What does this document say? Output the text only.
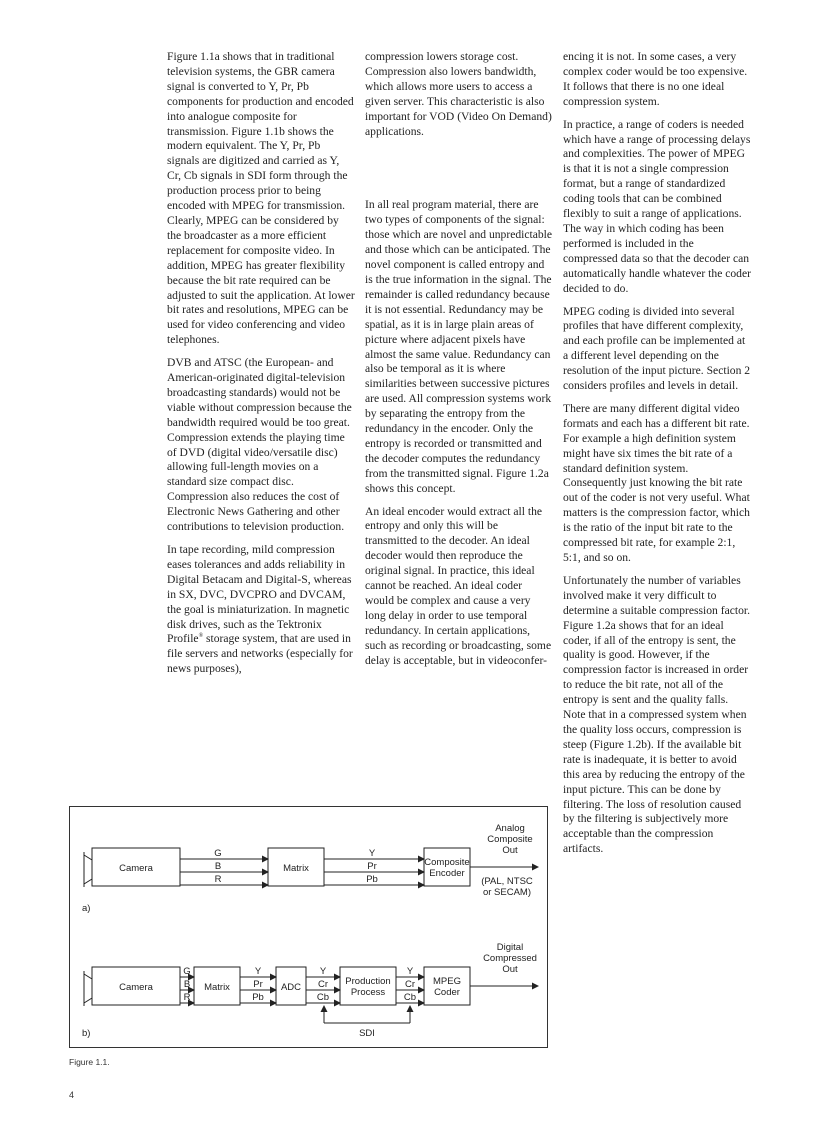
Figure 1.1a shows that in traditional television systems, the GBR camera signal is converted to Y, Pr, Pb components for production and encoded into analogue composite for transmission. Figure 1.1b shows the modern equivalent. The Y, Pr, Pb signals are digitized and carried as Y, Cr, Cb signals in SDI form through the production process prior to being encoded with MPEG for transmission. Clearly, MPEG can be considered by the broadcaster as a more efficient replacement for composite video. In addition, MPEG has greater flexibility because the bit rate required can be adjusted to suit the application. At lower bit rates and resolutions, MPEG can be used for video conferencing and video telephones.

DVB and ATSC (the European- and American-originated digital-television broadcasting standards) would not be viable without compression because the bandwidth required would be too great. Compression extends the playing time of DVD (digital video/versatile disc) allowing full-length movies on a standard size compact disc. Compression also reduces the cost of Electronic News Gathering and other contributions to television production.

In tape recording, mild compression eases tolerances and adds reliability in Digital Betacam and Digital-S, whereas in SX, DVC, DVCPRO and DVCAM, the goal is miniaturization. In magnetic disk drives, such as the Tektronix Profile® storage system, that are used in file servers and networks (especially for news purposes),

compression lowers storage cost. Compression also lowers bandwidth, which allows more users to access a given server. This characteristic is also important for VOD (Video On Demand) applications.

In all real program material, there are two types of components of the signal: those which are novel and unpredictable and those which can be anticipated. The novel component is called entropy and is the true information in the signal. The remainder is called redundancy because it is not essential. Redundancy may be spatial, as it is in large plain areas of picture where adjacent pixels have almost the same value. Redundancy can also be temporal as it is where similarities between successive pictures are used. All compression systems work by separating the entropy from the redundancy in the encoder. Only the entropy is recorded or transmitted and the decoder computes the redundancy from the transmitted signal. Figure 1.2a shows this concept.

An ideal encoder would extract all the entropy and only this will be transmitted to the decoder. An ideal decoder would then reproduce the original signal. In practice, this ideal cannot be reached. An ideal coder would be complex and cause a very long delay in order to use temporal redundancy. In certain applications, such as recording or broadcasting, some delay is acceptable, but in videoconfer-

encing it is not. In some cases, a very complex coder would be too expensive. It follows that there is no one ideal compression system.

In practice, a range of coders is needed which have a range of processing delays and complexities. The power of MPEG is that it is not a single compression format, but a range of standardized coding tools that can be combined flexibly to suit a range of applications. The way in which coding has been performed is included in the compressed data so that the decoder can automatically handle whatever the coder decided to do.

MPEG coding is divided into several profiles that have different complexity, and each profile can be implemented at a different level depending on the resolution of the input picture. Section 2 considers profiles and levels in detail.

There are many different digital video formats and each has a different bit rate. For example a high definition system might have six times the bit rate of a standard definition system. Consequently just knowing the bit rate out of the coder is not very useful. What matters is the compression factor, which is the ratio of the input bit rate to the compressed bit rate, for example 2:1, 5:1, and so on.

Unfortunately the number of variables involved make it very difficult to determine a suitable compression factor. Figure 1.2a shows that for an ideal coder, if all of the entropy is sent, the quality is good. However, if the compression factor is increased in order to reduce the bit rate, not all of the entropy is sent and the quality falls. Note that in a compressed system when the quality loss occurs, compression is steep (Figure 1.2b). If the available bit rate is inadequate, it is better to avoid this area by reducing the entropy of the input picture. This can be done by filtering. The loss of resolution caused by the filtering is subjectively more acceptable than the compression artifacts.

Camera	Matrix
Composite
Encoder
G
B
R
Y
Pr
Pb
Analog
Composite
Out
(PAL, NTSC
or SECAM)
a)
Camera	Matrix	ADC
Production
Process
MPEG
Coder
G
B
R
Y
Pr
Pb
Y
Cr
Cb
Y
Cr
Cb
SDI
Digital
Compressed
Out
b)
Figure 1.1.
4
